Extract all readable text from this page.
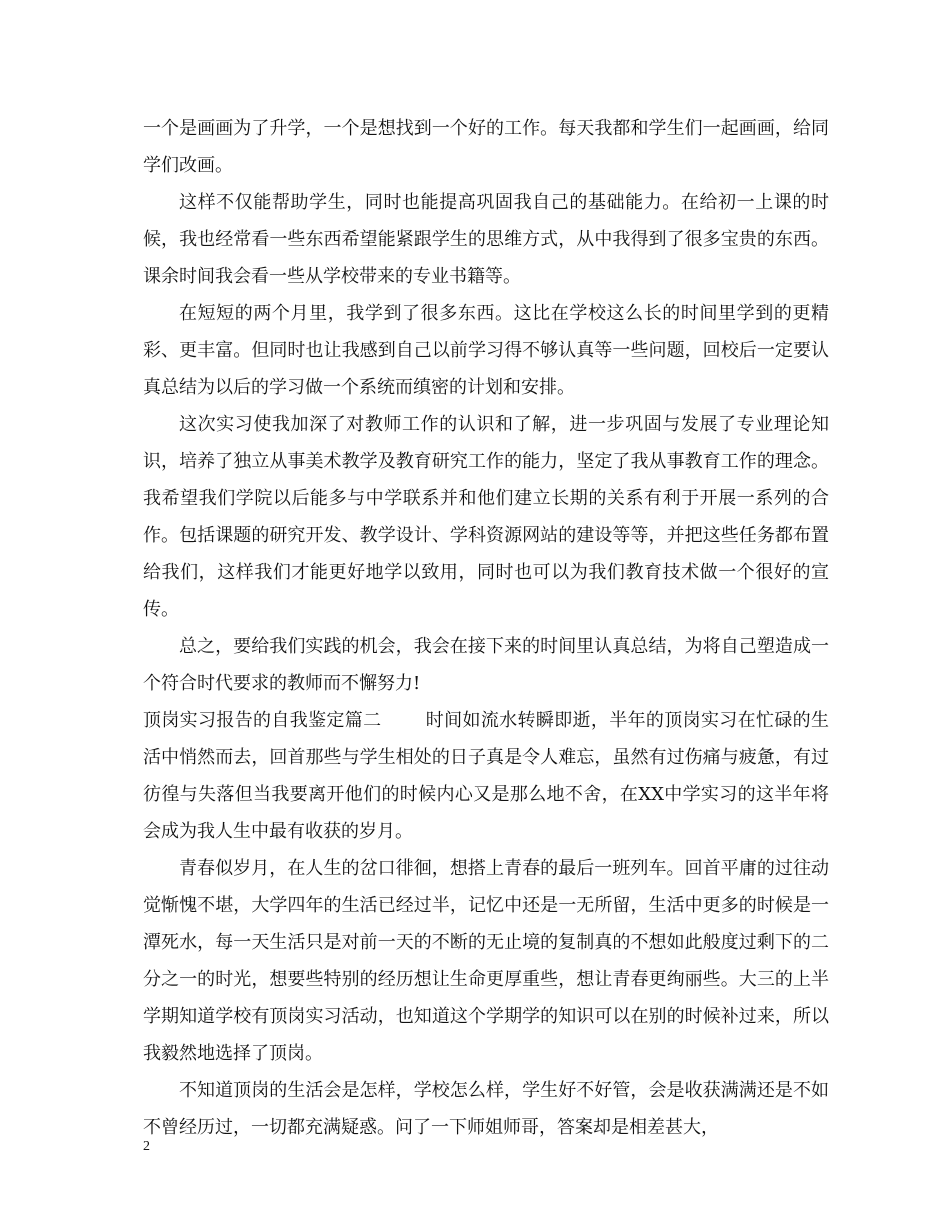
一个是画画为了升学，一个是想找到一个好的工作。每天我都和学生们一起画画，给同学们改画。

这样不仅能帮助学生，同时也能提高巩固我自己的基础能力。在给初一上课的时候，我也经常看一些东西希望能紧跟学生的思维方式，从中我得到了很多宝贵的东西。课余时间我会看一些从学校带来的专业书籍等。

在短短的两个月里，我学到了很多东西。这比在学校这么长的时间里学到的更精彩、更丰富。但同时也让我感到自己以前学习得不够认真等一些问题，回校后一定要认真总结为以后的学习做一个系统而缜密的计划和安排。

这次实习使我加深了对教师工作的认识和了解，进一步巩固与发展了专业理论知识，培养了独立从事美术教学及教育研究工作的能力，坚定了我从事教育工作的理念。我希望我们学院以后能多与中学联系并和他们建立长期的关系有利于开展一系列的合作。包括课题的研究开发、教学设计、学科资源网站的建设等等，并把这些任务都布置给我们，这样我们才能更好地学以致用，同时也可以为我们教育技术做一个很好的宣传。

总之，要给我们实践的机会，我会在接下来的时间里认真总结，为将自己塑造成一个符合时代要求的教师而不懈努力!

顶岗实习报告的自我鉴定篇二 时间如流水转瞬即逝，半年的顶岗实习在忙碌的生活中悄然而去，回首那些与学生相处的日子真是令人难忘，虽然有过伤痛与疲惫，有过彷徨与失落但当我要离开他们的时候内心又是那么地不舍，在XX中学实习的这半年将会成为我人生中最有收获的岁月。

青春似岁月，在人生的岔口徘徊，想搭上青春的最后一班列车。回首平庸的过往动觉惭愧不堪，大学四年的生活已经过半，记忆中还是一无所留，生活中更多的时候是一潭死水，每一天生活只是对前一天的不断的无止境的复制真的不想如此般度过剩下的二分之一的时光，想要些特别的经历想让生命更厚重些，想让青春更绚丽些。大三的上半学期知道学校有顶岗实习活动，也知道这个学期学的知识可以在别的时候补过来，所以我毅然地选择了顶岗。

不知道顶岗的生活会是怎样，学校怎么样，学生好不好管，会是收获满满还是不如不曾经历过，一切都充满疑惑。问了一下师姐师哥，答案却是相差甚大，

2
